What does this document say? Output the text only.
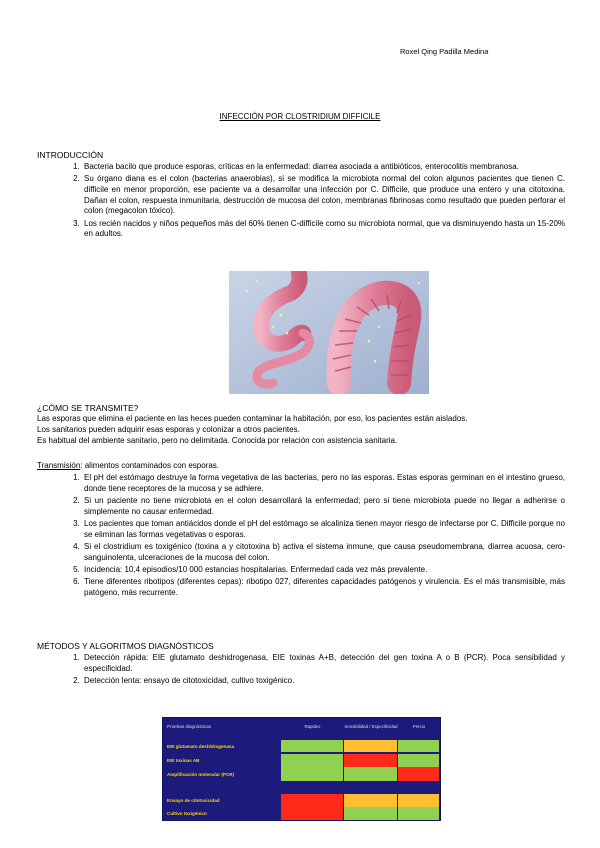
Roxel Qing Padilla Medina
INFECCIÓN POR CLOSTRIDIUM DIFFICILE
INTRODUCCIÓN
1. Bacteria bacilo que produce esporas, críticas en la enfermedad: diarrea asociada a antibióticos, enterocolitis membranosa.
2. Su órgano diana es el colon (bacterias anaerobias), si se modifica la microbiota normal del colon algunos pacientes que tienen C. difficile en menor proporción, ese paciente va a desarrollar una infección por C. Difficile, que produce una entero y una citotoxina. Dañan el colon, respuesta inmunitaria, destrucción de mucosa del colon, membranas fibrinosas como resultado que pueden perforar el colon (megacolon tóxico).
3. Los recién nacidos y niños pequeños más del 60% tienen C-difficile como su microbiota normal, que va disminuyendo hasta un 15-20% en adultos.
¿CÓMO SE TRANSMITE?
Las esporas que elimina el paciente en las heces pueden contaminar la habitación, por eso, los pacientes están aislados.
Los sanitarios pueden adquirir esas esporas y colonizar a otros pacientes.
Es habitual del ambiente sanitario, pero no delimitada. Conocida por relación con asistencia sanitaria.
Transmisión: alimentos contaminados con esporas.
1. El pH del estómago destruye la forma vegetativa de las bacterias, pero no las esporas. Estas esporas germinan en el intestino grueso, donde tiene receptores de la mucosa y se adhiere.
2. Si un paciente no tiene microbiota en el colon desarrollará la enfermedad; pero si tiene microbiota puede no llegar a adherirse o simplemente no causar enfermedad.
3. Los pacientes que toman antiácidos donde el pH del estómago se alcaliniza tienen mayor riesgo de infectarse por C. Difficile porque no se eliminan las formas vegetativas o esporas.
4. Si el clostridium es toxigénico (toxina a y citotoxina b) activa el sistema inmune, que causa pseudomembrana, diarrea acuosa, cero-sanguinolenta, ulceraciones de la mucosa del colon.
5. Incidencia: 10,4 episodios/10 000 estancias hospitalarias. Enfermedad cada vez más prevalente.
6. Tiene diferentes ribotipos (diferentes cepas): ribotipo 027, diferentes capacidades patógenos y virulencia. Es el más transmisible, más patógeno, más recurrente.
MÉTODOS Y ALGORITMOS DIAGNÓSTICOS
1. Detección rápida: EIE glutamato deshidrogenasa, EIE toxinas A+B, detección del gen toxina A o B (PCR). Poca sensibilidad y especificidad.
2. Detección lenta: ensayo de citotoxicidad, cultivo toxigénico.
Pruebas diagnósticas	Rapidez	Sensibilidad / Especificidad	Precio
EIE glutamato deshidrogenasa
EIE toxinas AB
Amplificación molecular (PCR)
Ensayo de citotoxicidad
Cultivo toxigénico
